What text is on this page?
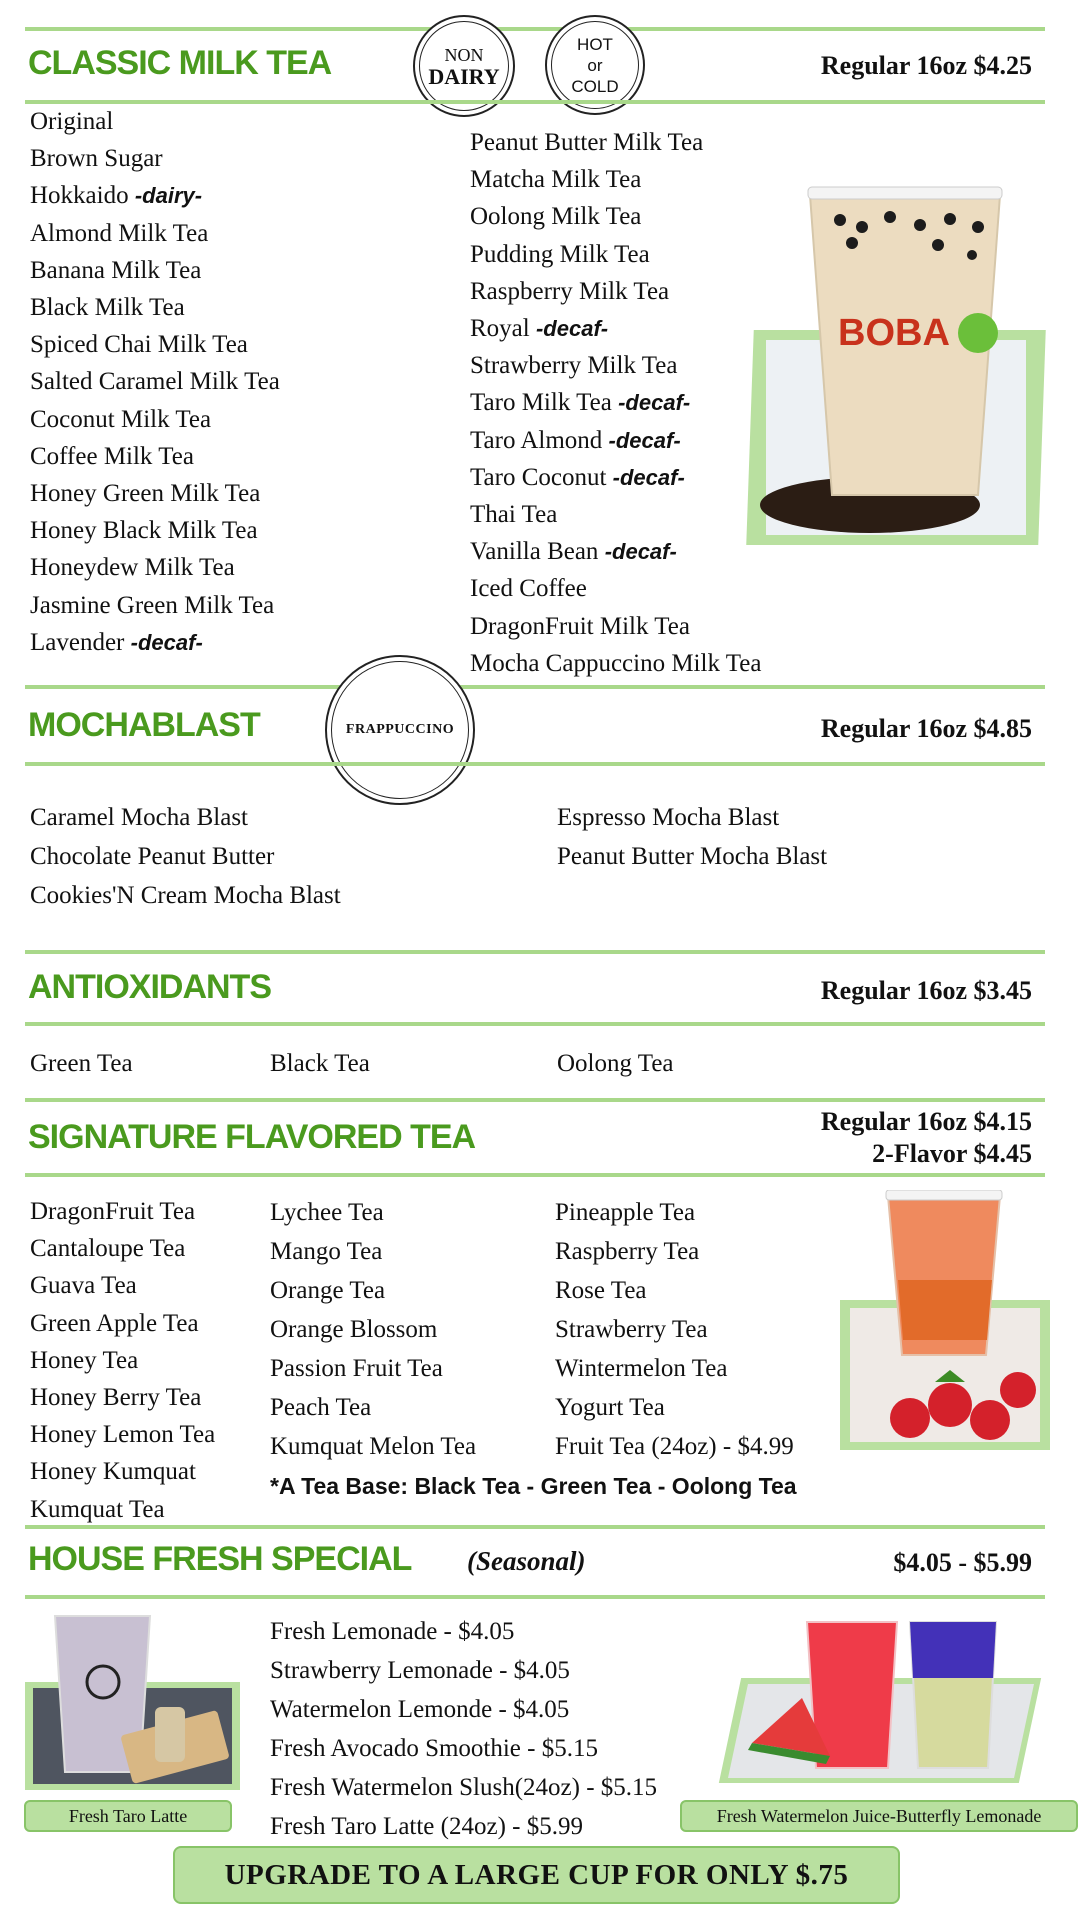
CLASSIC MILK TEA	NON
DAIRY
HOT
or
COLD
Regular 16oz $4.25
Original
Brown Sugar
Hokkaido -dairy-
Almond Milk Tea
Banana Milk Tea
Black Milk Tea
Spiced Chai Milk Tea
Salted Caramel Milk Tea
Coconut Milk Tea
Coffee Milk Tea
Honey Green Milk Tea
Honey Black Milk Tea
Honeydew Milk Tea
Jasmine Green Milk Tea
Lavender -decaf-
Peanut Butter Milk Tea
Matcha Milk Tea
Oolong Milk Tea
Pudding Milk Tea
Raspberry Milk Tea
Royal -decaf-
Strawberry Milk Tea
Taro Milk Tea -decaf-
Taro Almond -decaf-
Taro Coconut -decaf-
Thai Tea
Vanilla Bean -decaf-
Iced Coffee
DragonFruit Milk Tea
Mocha Cappuccino Milk Tea
BOBA
MOCHABLAST	FRAPPUCCINO	Regular 16oz $4.85
Caramel Mocha Blast
Chocolate Peanut Butter
Cookies'N Cream Mocha Blast
Espresso Mocha Blast
Peanut Butter Mocha Blast
ANTIOXIDANTS	Regular 16oz $3.45
Green Tea	Black Tea	Oolong Tea
SIGNATURE FLAVORED TEA	Regular 16oz $4.15
2-Flavor $4.45
DragonFruit Tea
Cantaloupe Tea
Guava Tea
Green Apple Tea
Honey Tea
Honey Berry Tea
Honey Lemon Tea
Honey Kumquat
Kumquat Tea
Lychee Tea
Mango Tea
Orange Tea
Orange Blossom
Passion Fruit Tea
Peach Tea
Kumquat Melon Tea
Pineapple Tea
Raspberry Tea
Rose Tea
Strawberry Tea
Wintermelon Tea
Yogurt Tea
Fruit Tea (24oz) - $4.99
*A Tea Base: Black Tea - Green Tea - Oolong Tea
HOUSE FRESH SPECIAL (Seasonal)	$4.05 - $5.99
Fresh Lemonade - $4.05
Strawberry Lemonade - $4.05
Watermelon Lemonde - $4.05
Fresh Avocado Smoothie - $5.15
Fresh Watermelon Slush(24oz) - $5.15
Fresh Taro Latte (24oz) - $5.99
Fresh Taro Latte	Fresh Watermelon Juice-Butterfly Lemonade
UPGRADE TO A LARGE CUP FOR ONLY $.75
